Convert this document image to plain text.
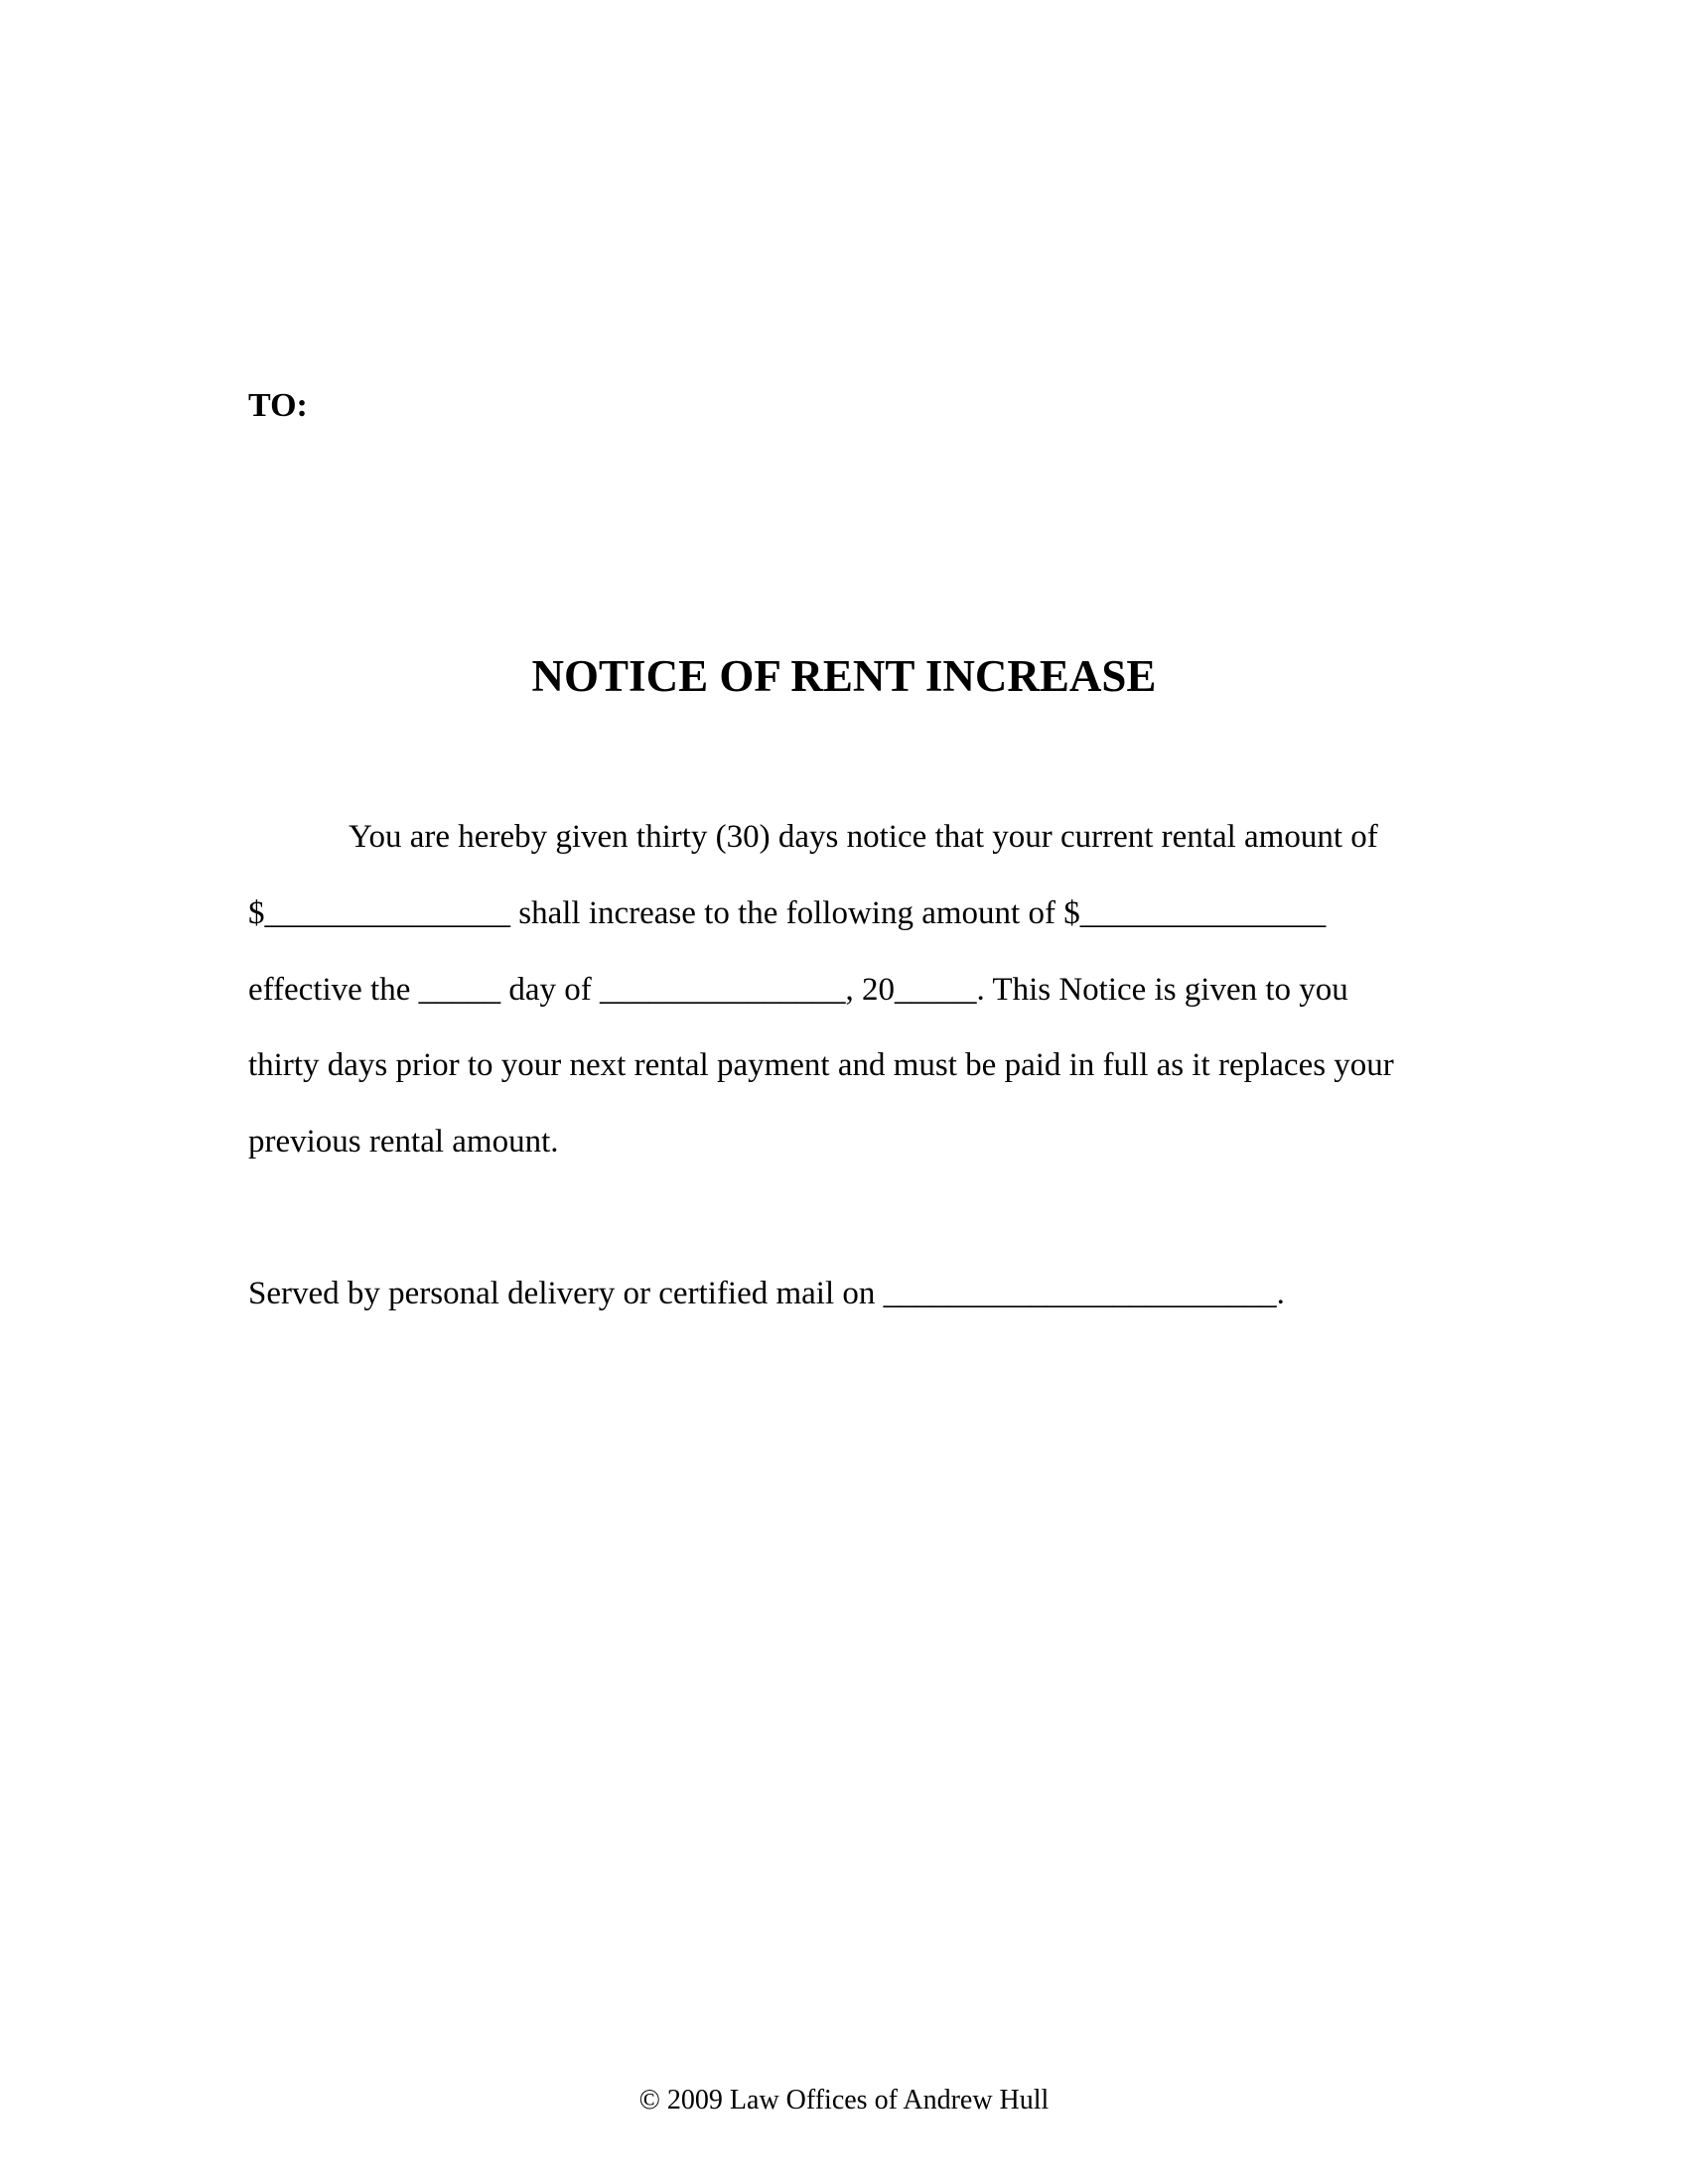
TO:
NOTICE OF RENT INCREASE
You are hereby given thirty (30) days notice that your current rental amount of
$_______________ shall increase to the following amount of $_______________
effective the _____ day of _______________, 20_____. This Notice is given to you
thirty days prior to your next rental payment and must be paid in full as it replaces your
previous rental amount.
Served by personal delivery or certified mail on ________________________.
© 2009 Law Offices of Andrew Hull
